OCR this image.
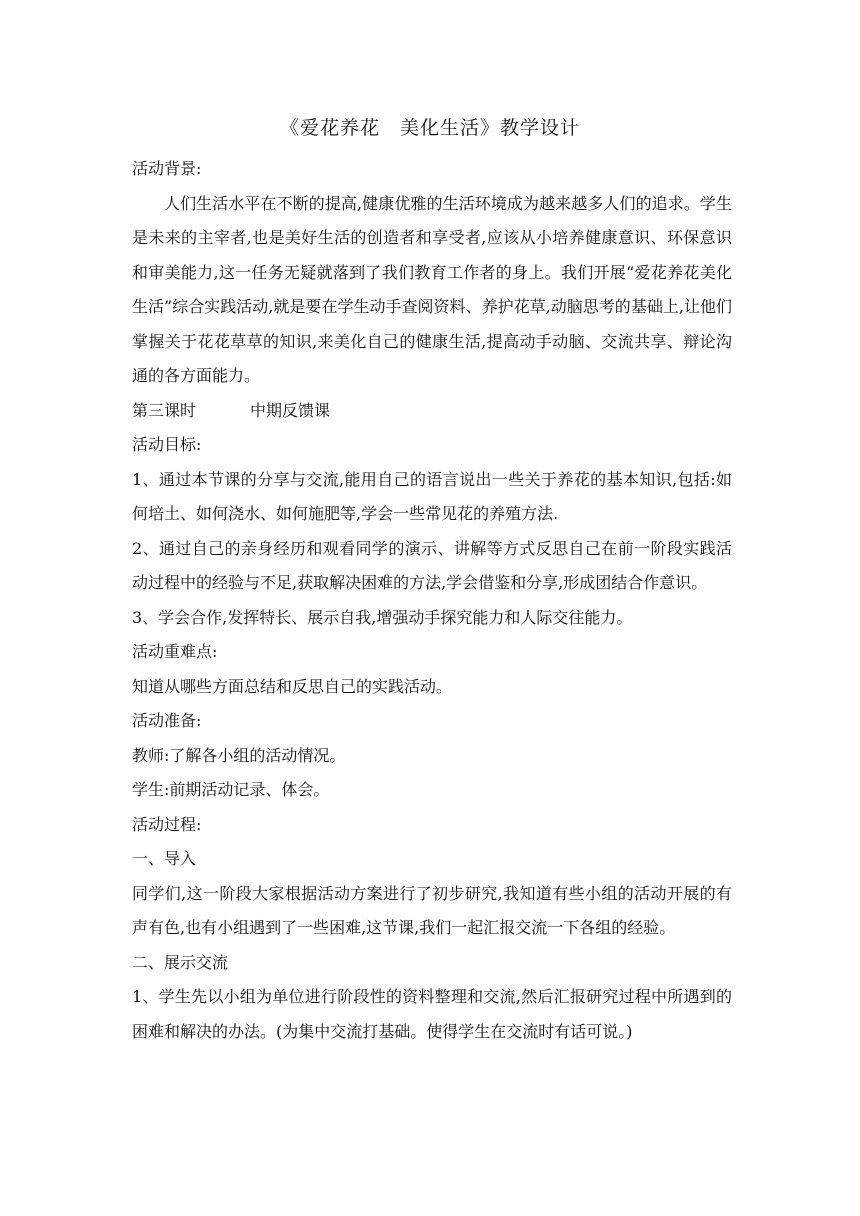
《爱花养花　美化生活》教学设计

活动背景:

人们生活水平在不断的提高,健康优雅的生活环境成为越来越多人们的追求。学生是未来的主宰者,也是美好生活的创造者和享受者,应该从小培养健康意识、环保意识和审美能力,这一任务无疑就落到了我们教育工作者的身上。我们开展“爱花养花美化生活”综合实践活动,就是要在学生动手查阅资料、养护花草,动脑思考的基础上,让他们掌握关于花花草草的知识,来美化自己的健康生活,提高动手动脑、交流共享、辩论沟通的各方面能力。

第三课时	中期反馈课

活动目标:

1、通过本节课的分享与交流,能用自己的语言说出一些关于养花的基本知识,包括:如何培土、如何浇水、如何施肥等,学会一些常见花的养殖方法.

2、通过自己的亲身经历和观看同学的演示、讲解等方式反思自己在前一阶段实践活动过程中的经验与不足,获取解决困难的方法,学会借鉴和分享,形成团结合作意识。

3、学会合作,发挥特长、展示自我,增强动手探究能力和人际交往能力。

活动重难点:

知道从哪些方面总结和反思自己的实践活动。

活动准备:

教师:了解各小组的活动情况。

学生:前期活动记录、体会。

活动过程:

一、导入

同学们,这一阶段大家根据活动方案进行了初步研究,我知道有些小组的活动开展的有声有色,也有小组遇到了一些困难,这节课,我们一起汇报交流一下各组的经验。

二、展示交流

1、学生先以小组为单位进行阶段性的资料整理和交流,然后汇报研究过程中所遇到的困难和解决的办法。(为集中交流打基础。使得学生在交流时有话可说。)
